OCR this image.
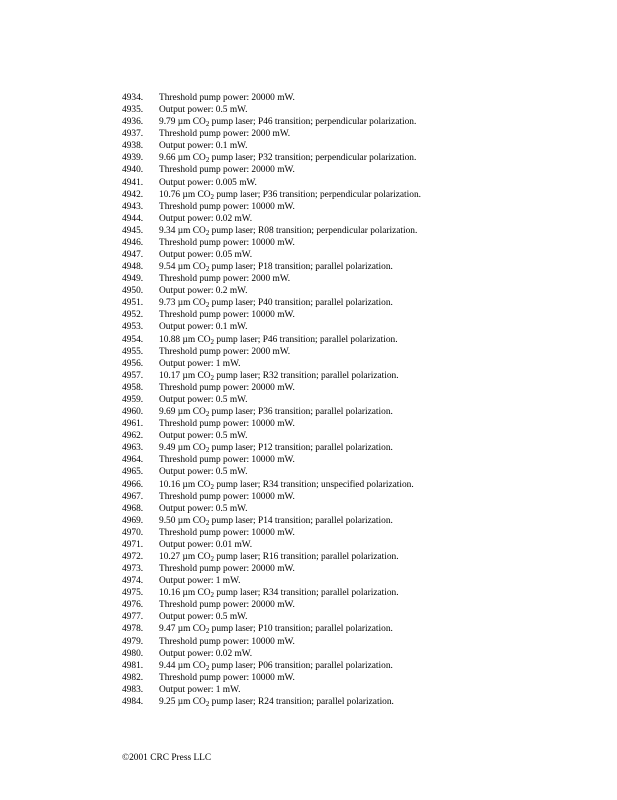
4934.	Threshold pump power: 20000 mW.
4935.	Output power: 0.5 mW.
4936.	9.79 µm $CO_2$ pump laser; P46 transition; perpendicular polarization.
4937.	Threshold pump power: 2000 mW.
4938.	Output power: 0.1 mW.
4939.	9.66 µm $CO_2$ pump laser; P32 transition; perpendicular polarization.
4940.	Threshold pump power: 20000 mW.
4941.	Output power: 0.005 mW.
4942.	10.76 µm $CO_2$ pump laser; P36 transition; perpendicular polarization.
4943.	Threshold pump power: 10000 mW.
4944.	Output power: 0.02 mW.
4945.	9.34 µm $CO_2$ pump laser; R08 transition; perpendicular polarization.
4946.	Threshold pump power: 10000 mW.
4947.	Output power: 0.05 mW.
4948.	9.54 µm $CO_2$ pump laser; P18 transition; parallel polarization.
4949.	Threshold pump power: 2000 mW.
4950.	Output power: 0.2 mW.
4951.	9.73 µm $CO_2$ pump laser; P40 transition; parallel polarization.
4952.	Threshold pump power: 10000 mW.
4953.	Output power: 0.1 mW.
4954.	10.88 µm $CO_2$ pump laser; P46 transition; parallel polarization.
4955.	Threshold pump power: 2000 mW.
4956.	Output power: 1 mW.
4957.	10.17 µm $CO_2$ pump laser; R32 transition; parallel polarization.
4958.	Threshold pump power: 20000 mW.
4959.	Output power: 0.5 mW.
4960.	9.69 µm $CO_2$ pump laser; P36 transition; parallel polarization.
4961.	Threshold pump power: 10000 mW.
4962.	Output power: 0.5 mW.
4963.	9.49 µm $CO_2$ pump laser; P12 transition; parallel polarization.
4964.	Threshold pump power: 10000 mW.
4965.	Output power: 0.5 mW.
4966.	10.16 µm $CO_2$ pump laser; R34 transition; unspecified polarization.
4967.	Threshold pump power: 10000 mW.
4968.	Output power: 0.5 mW.
4969.	9.50 µm $CO_2$ pump laser; P14 transition; parallel polarization.
4970.	Threshold pump power: 10000 mW.
4971.	Output power: 0.01 mW.
4972.	10.27 µm $CO_2$ pump laser; R16 transition; parallel polarization.
4973.	Threshold pump power: 20000 mW.
4974.	Output power: 1 mW.
4975.	10.16 µm $CO_2$ pump laser; R34 transition; parallel polarization.
4976.	Threshold pump power: 20000 mW.
4977.	Output power: 0.5 mW.
4978.	9.47 µm $CO_2$ pump laser; P10 transition; parallel polarization.
4979.	Threshold pump power: 10000 mW.
4980.	Output power: 0.02 mW.
4981.	9.44 µm $CO_2$ pump laser; P06 transition; parallel polarization.
4982.	Threshold pump power: 10000 mW.
4983.	Output power: 1 mW.
4984.	9.25 µm $CO_2$ pump laser; R24 transition; parallel polarization.
©2001 CRC Press LLC
